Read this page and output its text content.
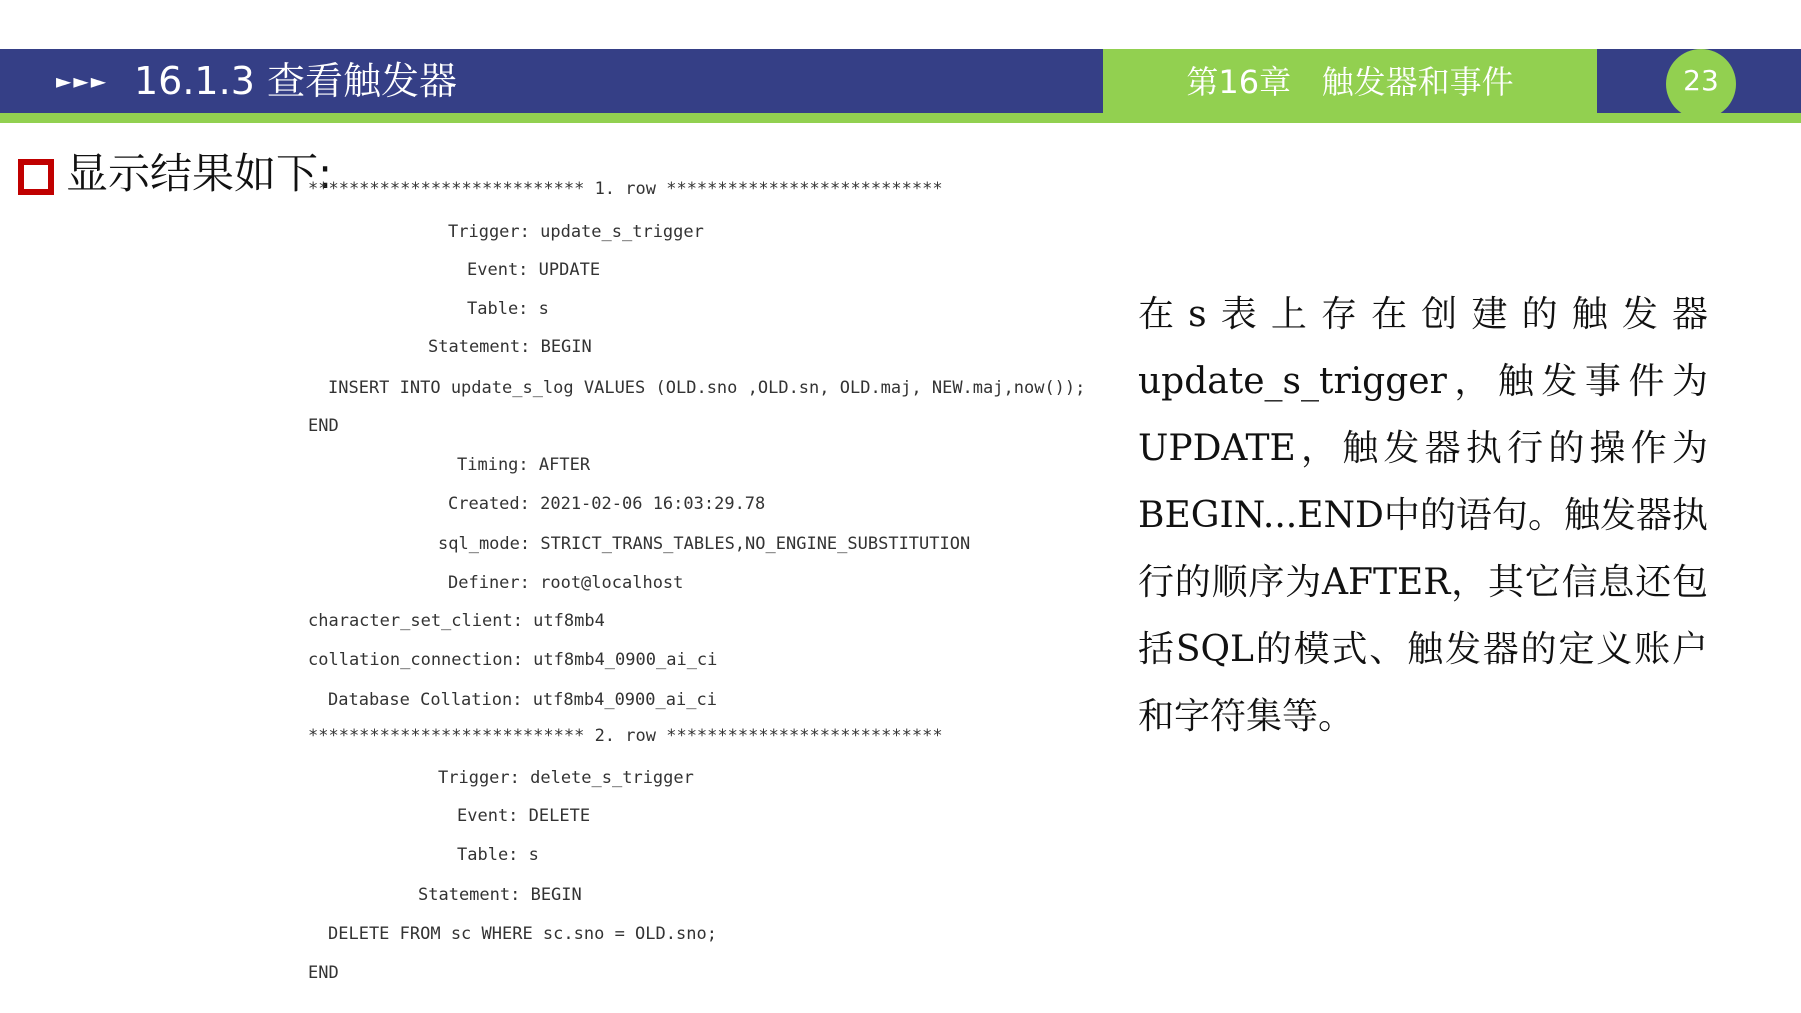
►►► 16.1.3 查看触发器	第16章   触发器和事件	23
显示结果如下:
*************************** 1. row ***************************
Trigger: update_s_trigger
Event: UPDATE
Table: s
Statement: BEGIN
INSERT INTO update_s_log VALUES (OLD.sno ,OLD.sn, OLD.maj, NEW.maj,now());
END
Timing: AFTER
Created: 2021-02-06 16:03:29.78
sql_mode: STRICT_TRANS_TABLES,NO_ENGINE_SUBSTITUTION
Definer: root@localhost
character_set_client: utf8mb4
collation_connection: utf8mb4_0900_ai_ci
Database Collation: utf8mb4_0900_ai_ci
*************************** 2. row ***************************
Trigger: delete_s_trigger
Event: DELETE
Table: s
Statement: BEGIN
DELETE FROM sc WHERE sc.sno = OLD.sno;
END
在s表上存在创建的触发器update_s_trigger，触发事件为UPDATE，触发器执行的操作为BEGIN...END中的语句。触发器执行的顺序为AFTER，其它信息还包括SQL的模式、触发器的定义账户和字符集等。
